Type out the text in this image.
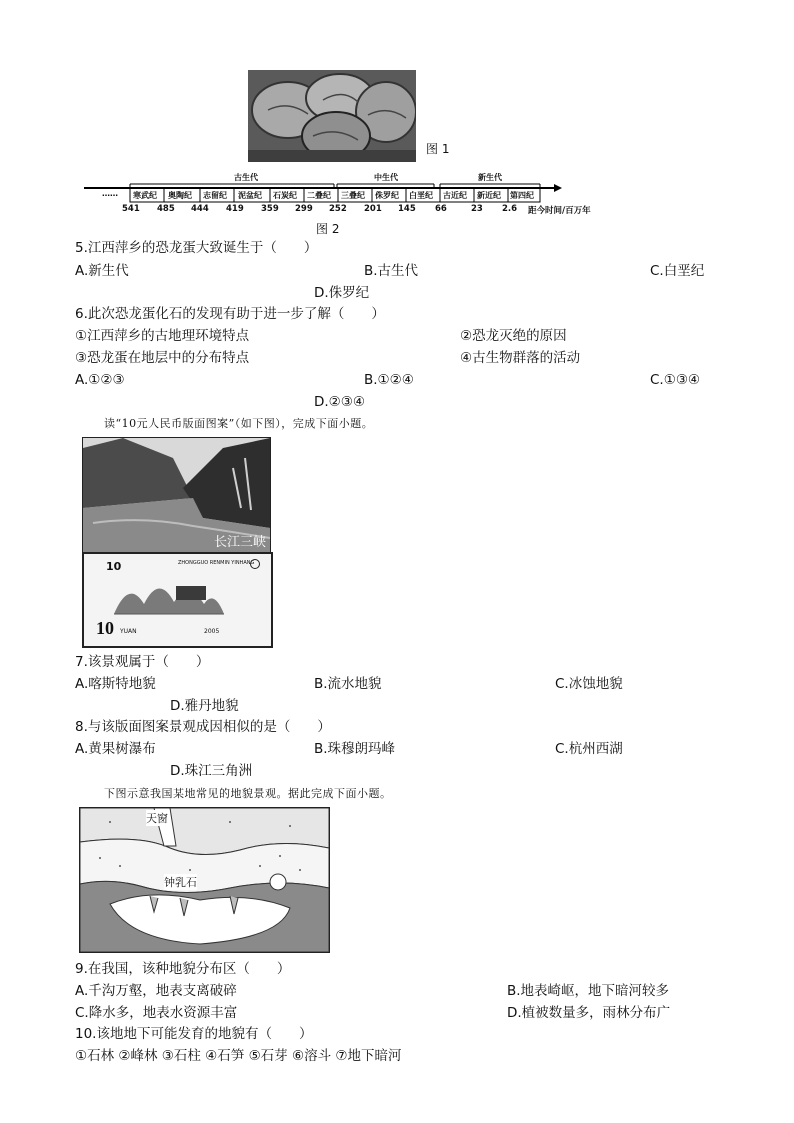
图 1
古生代	中生代	新生代
…… 寒武纪 奥陶纪 志留纪 泥盆纪 石炭纪 二叠纪 三叠纪 侏罗纪 白垩纪 古近纪 新近纪 第四纪
541 485 444 419 359 299 252 201 145 66	23 2.6 距今时间/百万年
图 2
5.江西萍乡的恐龙蛋大致诞生于（　　）
A.新生代	B.古生代	C.白垩纪
D.侏罗纪
6.此次恐龙蛋化石的发现有助于进一步了解（　　）
①江西萍乡的古地理环境特点	②恐龙灭绝的原因
③恐龙蛋在地层中的分布特点	④古生物群落的活动
A.①②③	B.①②④	C.①③④
D.②③④
读“10元人民币版面图案”（如下图），完成下面小题。
长江三峡
10	ZHONGGUO RENMIN YINHANG
10 YUAN	2005
7.该景观属于（　　）
A.喀斯特地貌	B.流水地貌	C.冰蚀地貌
D.雅丹地貌
8.与该版面图案景观成因相似的是（　　）
A.黄果树瀑布	B.珠穆朗玛峰	C.杭州西湖
D.珠江三角洲
下图示意我国某地常见的地貌景观。据此完成下面小题。
天窗
钟乳石
9.在我国，该种地貌分布区（　　）
A.千沟万壑，地表支离破碎	B.地表崎岖，地下暗河较多
C.降水多，地表水资源丰富	D.植被数量多，雨林分布广
10.该地地下可能发育的地貌有（　　）
①石林 ②峰林 ③石柱 ④石笋 ⑤石芽 ⑥溶斗 ⑦地下暗河
